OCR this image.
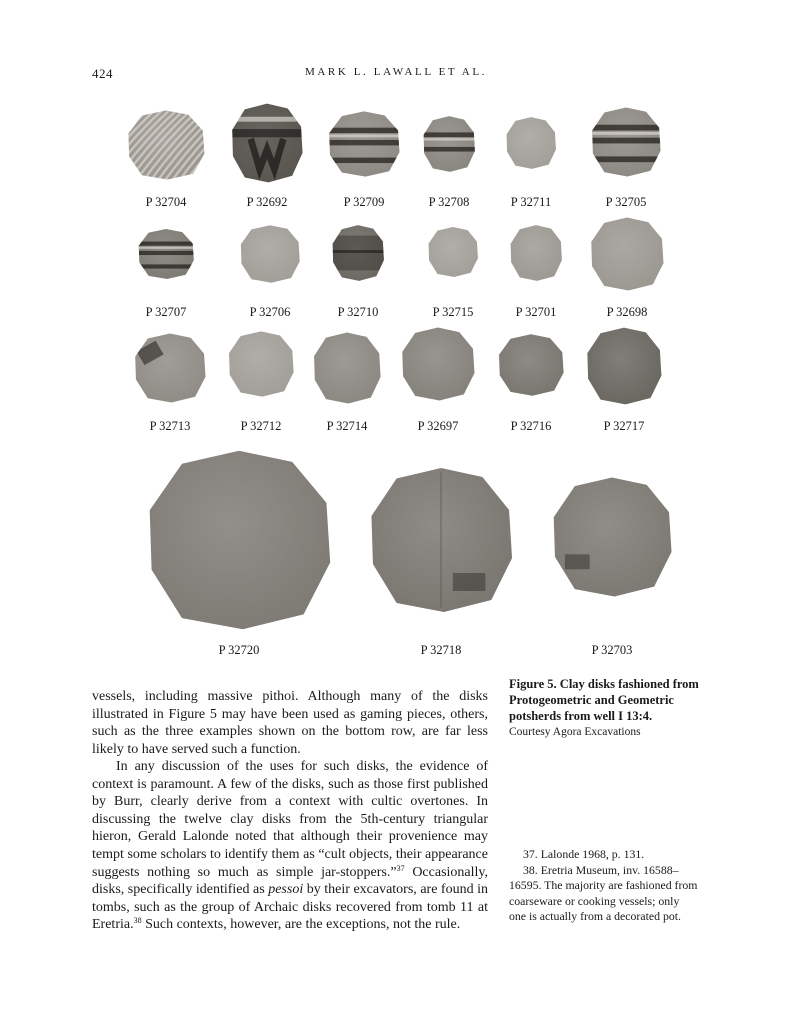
424	MARK L. LAWALL ET AL.
P 32704	P 32692	P 32709	P 32708	P 32711	P 32705
P 32707	P 32706	P 32710	P 32715	P 32701	P 32698
P 32713	P 32712	P 32714	P 32697	P 32716	P 32717
P 32720	P 32718	P 32703
Figure 5. Clay disks fashioned from Protogeometric and Geometric potsherds from well I 13:4.
Courtesy Agora Excavations

vessels, including massive pithoi. Although many of the disks illustrated in Figure 5 may have been used as gaming pieces, others, such as the three examples shown on the bottom row, are far less likely to have served such a function.

In any discussion of the uses for such disks, the evidence of context is paramount. A few of the disks, such as those first published by Burr, clearly derive from a context with cultic overtones. In discussing the twelve clay disks from the 5th-century triangular hieron, Gerald Lalonde noted that although their provenience may tempt some scholars to identify them as “cult objects, their appearance suggests nothing so much as simple jar-stoppers.”$^{37}$ Occasionally, disks, specifically identified as pessoi by their excavators, are found in tombs, such as the group of Archaic disks recovered from tomb 11 at Eretria.$^{38}$ Such contexts, however, are the exceptions, not the rule.

37. Lalonde 1968, p. 131.

38. Eretria Museum, inv. 16588–16595. The majority are fashioned from coarseware or cooking vessels; only one is actually from a decorated pot.
